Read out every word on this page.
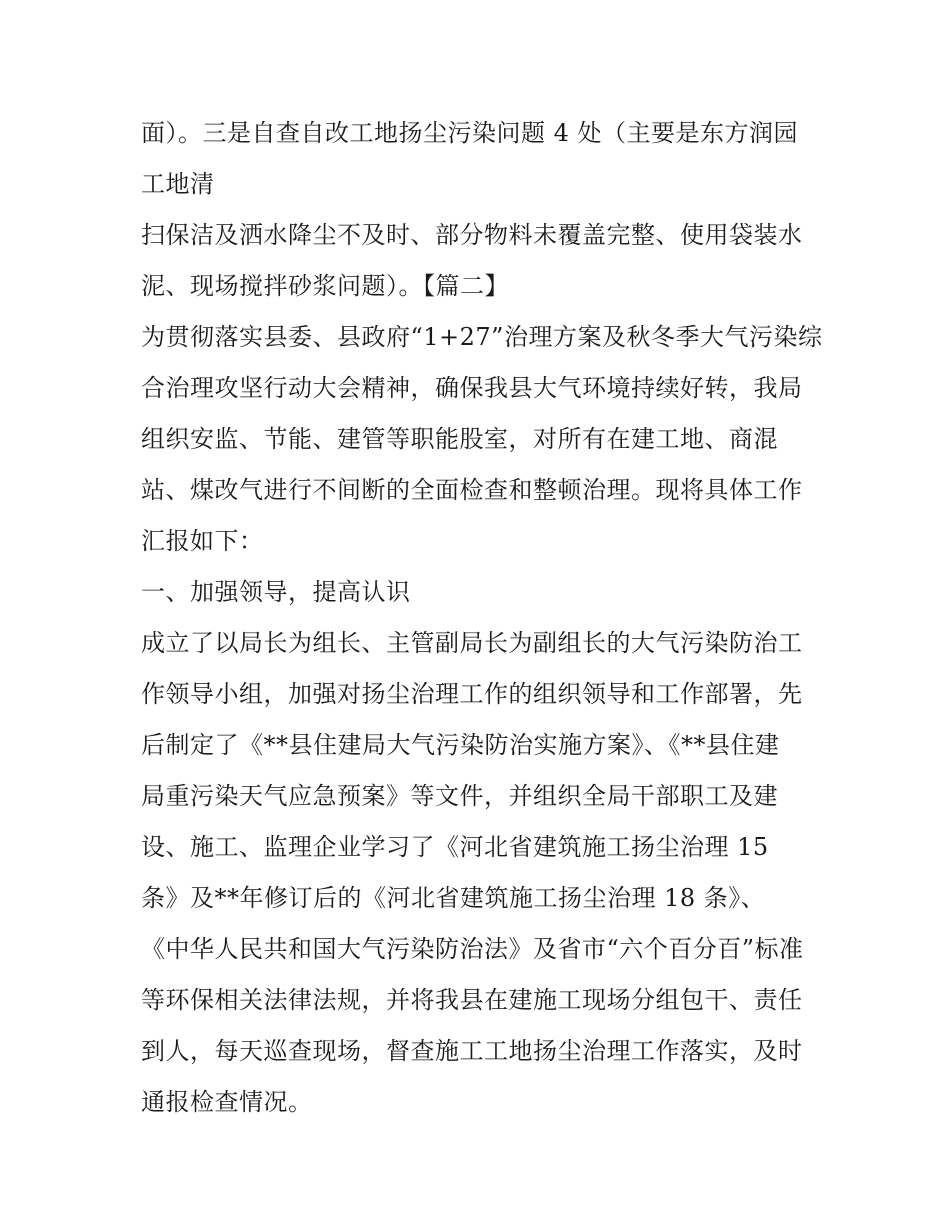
面）。三是自查自改工地扬尘污染问题 4 处（主要是东方润园
工地清
扫保洁及洒水降尘不及时、部分物料未覆盖完整、使用袋装水
泥、现场搅拌砂浆问题）。【篇二】
为贯彻落实县委、县政府“1+27”治理方案及秋冬季大气污染综
合治理攻坚行动大会精神，确保我县大气环境持续好转，我局
组织安监、节能、建管等职能股室，对所有在建工地、商混
站、煤改气进行不间断的全面检查和整顿治理。现将具体工作
汇报如下：
一、加强领导，提高认识
成立了以局长为组长、主管副局长为副组长的大气污染防治工
作领导小组，加强对扬尘治理工作的组织领导和工作部署，先
后制定了《**县住建局大气污染防治实施方案》、《**县住建
局重污染天气应急预案》等文件，并组织全局干部职工及建
设、施工、监理企业学习了《河北省建筑施工扬尘治理 15
条》及**年修订后的《河北省建筑施工扬尘治理 18 条》、
《中华人民共和国大气污染防治法》及省市“六个百分百”标准
等环保相关法律法规，并将我县在建施工现场分组包干、责任
到人，每天巡查现场，督查施工工地扬尘治理工作落实，及时
通报检查情况。
